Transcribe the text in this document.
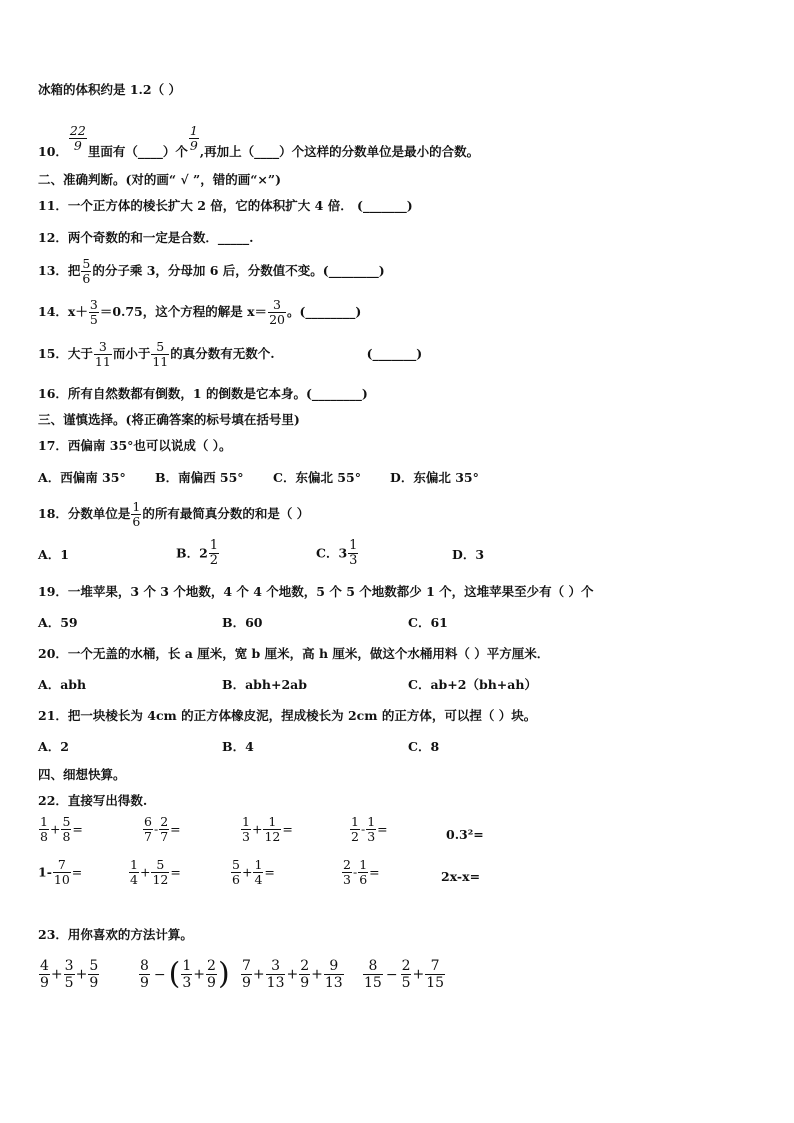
冰箱的体积约是 1.2（ ）
10． $\frac{22}{9}$ 里面有（____）个 $\frac{1}{9}$ ,再加上（____）个这样的分数单位是最小的合数。
二、准确判断。(对的画“ √ ”，错的画“×”)
11．一个正方体的棱长扩大 2 倍，它的体积扩大 4 倍． (_______)
12．两个奇数的和一定是合数．_____.
13．把 $\frac{5}{6}$ 的分子乘 3，分母加 6 后，分数值不变。(________)
14．$x+ \frac{3}{5} =0.75$，这个方程的解是 $x= \frac{3}{20}$ 。(________)
15．大于 $\frac{3}{11}$ 而小于 $\frac{5}{11}$ 的真分数有无数个.	(_______)
16．所有自然数都有倒数，1 的倒数是它本身。(________)
三、谨慎选择。(将正确答案的标号填在括号里)
17．西偏南 35°也可以说成（ ）。
A．西偏南 35° B．南偏西 55° C．东偏北 55° D．东偏北 35°
18．分数单位是 $\frac{1}{6}$ 的所有最简真分数的和是（ ）
A．1	B．$2 \frac{1}{2}$	C．$3 \frac{1}{3}$	D．3
19．一堆苹果，3 个 3 个地数，4 个 4 个地数，5 个 5 个地数都少 1 个，这堆苹果至少有（ ）个
A．59	B．60	C．61
20．一个无盖的水桶，长 a 厘米，宽 b 厘米，高 h 厘米，做这个水桶用料（ ）平方厘米．
A．abh	B．abh+2ab	C．ab+2（bh+ah）
21．把一块棱长为 4cm 的正方体橡皮泥，捏成棱长为 2cm 的正方体，可以捏（ ）块。
A．2	B．4	C．8
四、细想快算。
22．直接写出得数.
$\frac{1}{8} + \frac{5}{8}$ =	$\frac{6}{7} - \frac{2}{7}$ =	$\frac{1}{3} + \frac{1}{12}$ =	$\frac{1}{2} - \frac{1}{3}$ =	0.3²=
$1- \frac{7}{10}$ =	$\frac{1}{4} + \frac{5}{12}$ =	$\frac{5}{6} + \frac{1}{4}$ =	$\frac{2}{3} - \frac{1}{6}$ =	2x-x=
23．用你喜欢的方法计算。
$\frac{4}{9} + \frac{3}{5} + \frac{5}{9}$	$\frac{8}{9}$ − ( $\frac{1}{3} + \frac{2}{9}$ ) $\frac{7}{9} + \frac{3}{13} + \frac{2}{9} + \frac{9}{13} \frac{8}{15} - \frac{2}{5} + \frac{7}{15}$
